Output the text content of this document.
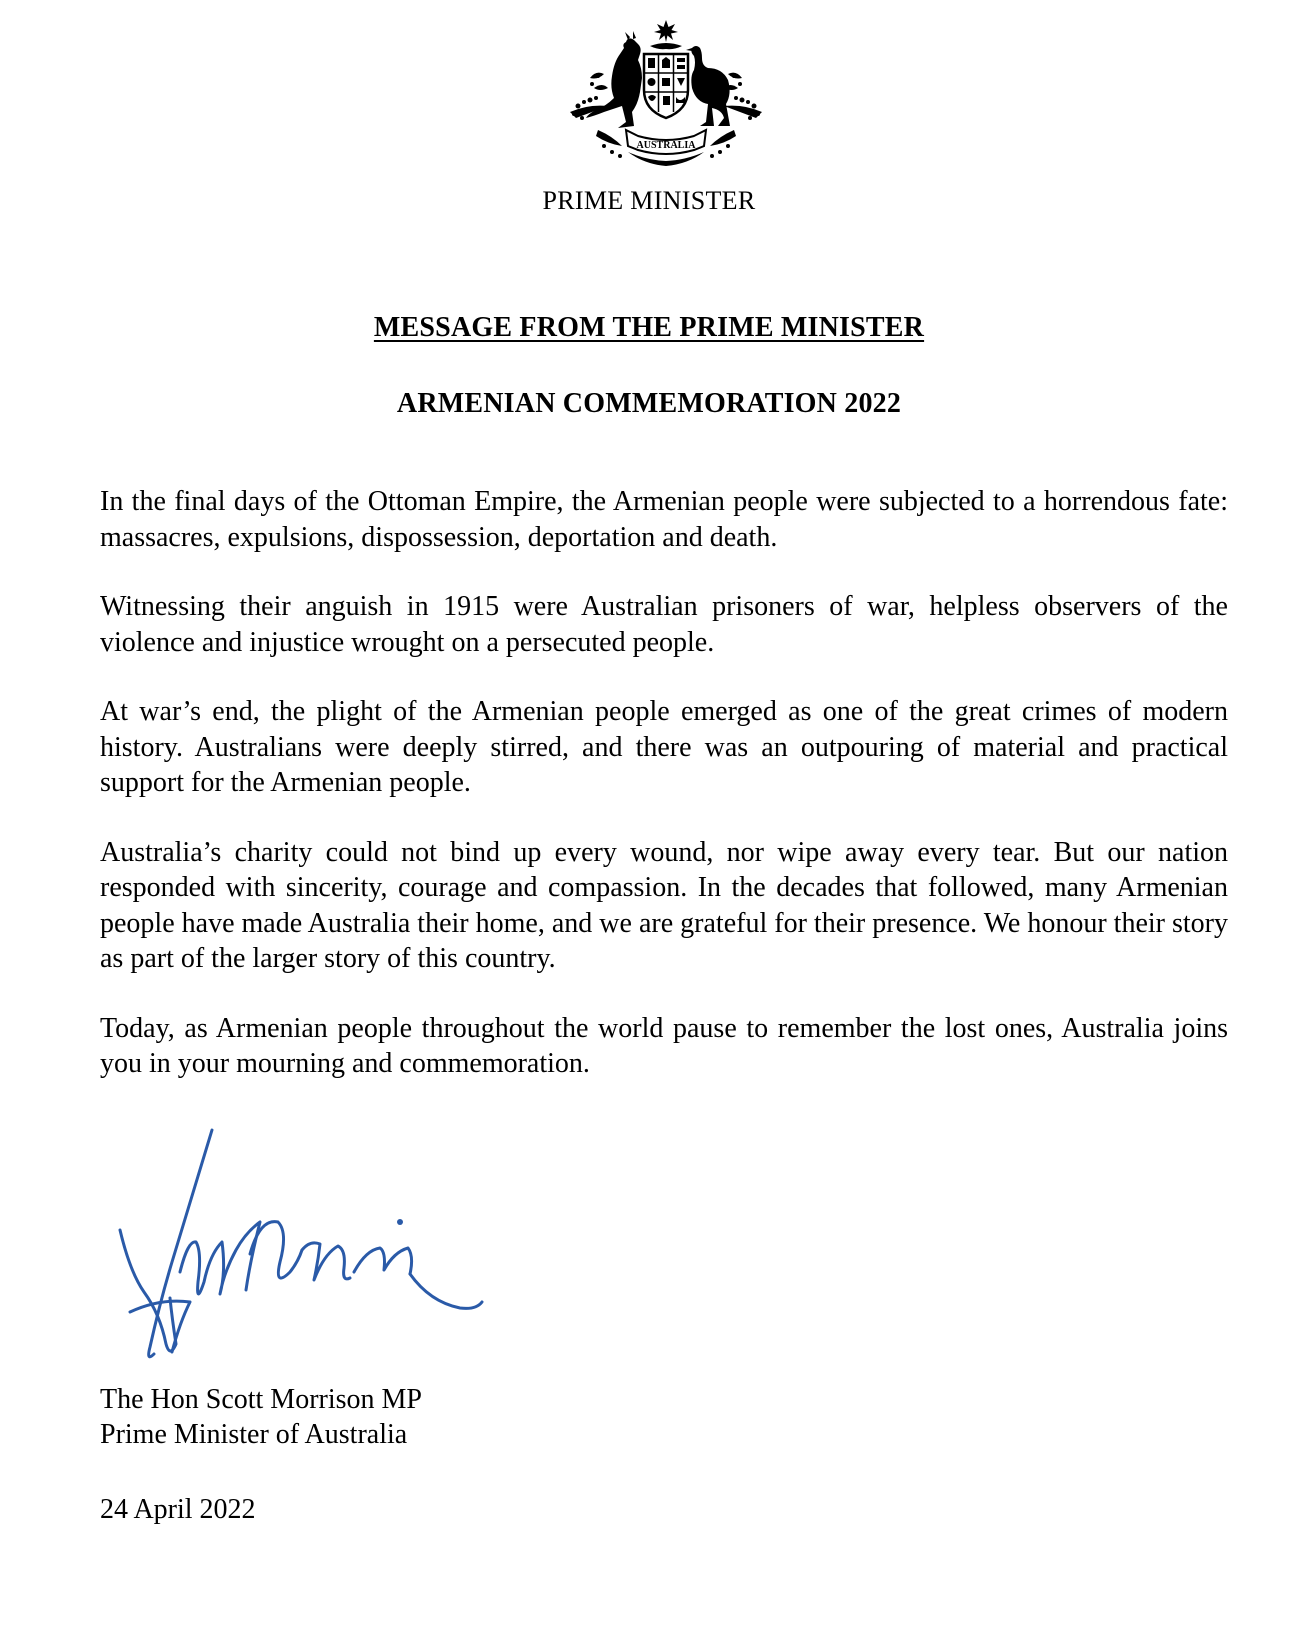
AUSTRALIA
PRIME MINISTER
MESSAGE FROM THE PRIME MINISTER
ARMENIAN COMMEMORATION 2022

In the final days of the Ottoman Empire, the Armenian people were subjected to a horrendous fate: massacres, expulsions, dispossession, deportation and death.

Witnessing their anguish in 1915 were Australian prisoners of war, helpless observers of the violence and injustice wrought on a persecuted people.

At war’s end, the plight of the Armenian people emerged as one of the great crimes of modern history. Australians were deeply stirred, and there was an outpouring of material and practical support for the Armenian people.

Australia’s charity could not bind up every wound, nor wipe away every tear. But our nation responded with sincerity, courage and compassion. In the decades that followed, many Armenian people have made Australia their home, and we are grateful for their presence. We honour their story as part of the larger story of this country.

Today, as Armenian people throughout the world pause to remember the lost ones, Australia joins you in your mourning and commemoration.

The Hon Scott Morrison MP
Prime Minister of Australia
24 April 2022
